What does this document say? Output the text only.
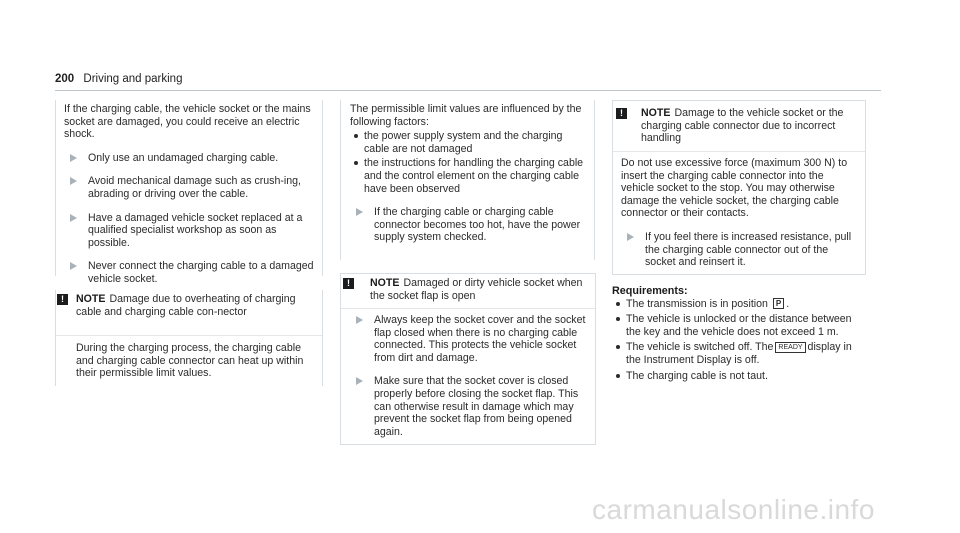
200 Driving and parking

If the charging cable, the vehicle socket or the mains socket are damaged, you could receive an electric shock.

Only use an undamaged charging cable.

Avoid mechanical damage such as crush-ing, abrading or driving over the cable.

Have a damaged vehicle socket replaced at a qualified specialist workshop as soon as possible.

Never connect the charging cable to a damaged vehicle socket.

!	NOTE Damage due to overheating of charging cable and charging cable con-nector
During the charging process, the charging cable and charging cable connector can heat up within their permissible limit values.

The permissible limit values are influenced by the following factors:

the power supply system and the charging cable are not damaged

the instructions for handling the charging cable and the control element on the charging cable have been observed

If the charging cable or charging cable connector becomes too hot, have the power supply system checked.

!	NOTE Damaged or dirty vehicle socket when the socket flap is open

Always keep the socket cover and the socket flap closed when there is no charging cable connected. This protects the vehicle socket from dirt and damage.

Make sure that the socket cover is closed properly before closing the socket flap. This can otherwise result in damage which may prevent the socket flap from being opened again.

!	NOTE Damage to the vehicle socket or the charging cable connector due to incorrect handling

Do not use excessive force (maximum 300 N) to insert the charging cable connector into the vehicle socket to the stop. You may otherwise damage the vehicle socket, the charging cable connector or their contacts.

If you feel there is increased resistance, pull the charging cable connector out of the socket and reinsert it.

Requirements:

The transmission is in position P .

The vehicle is unlocked or the distance between the key and the vehicle does not exceed 1 m.

The vehicle is switched off. The READY display in the Instrument Display is off.

The charging cable is not taut.

carmanualsonline.info
